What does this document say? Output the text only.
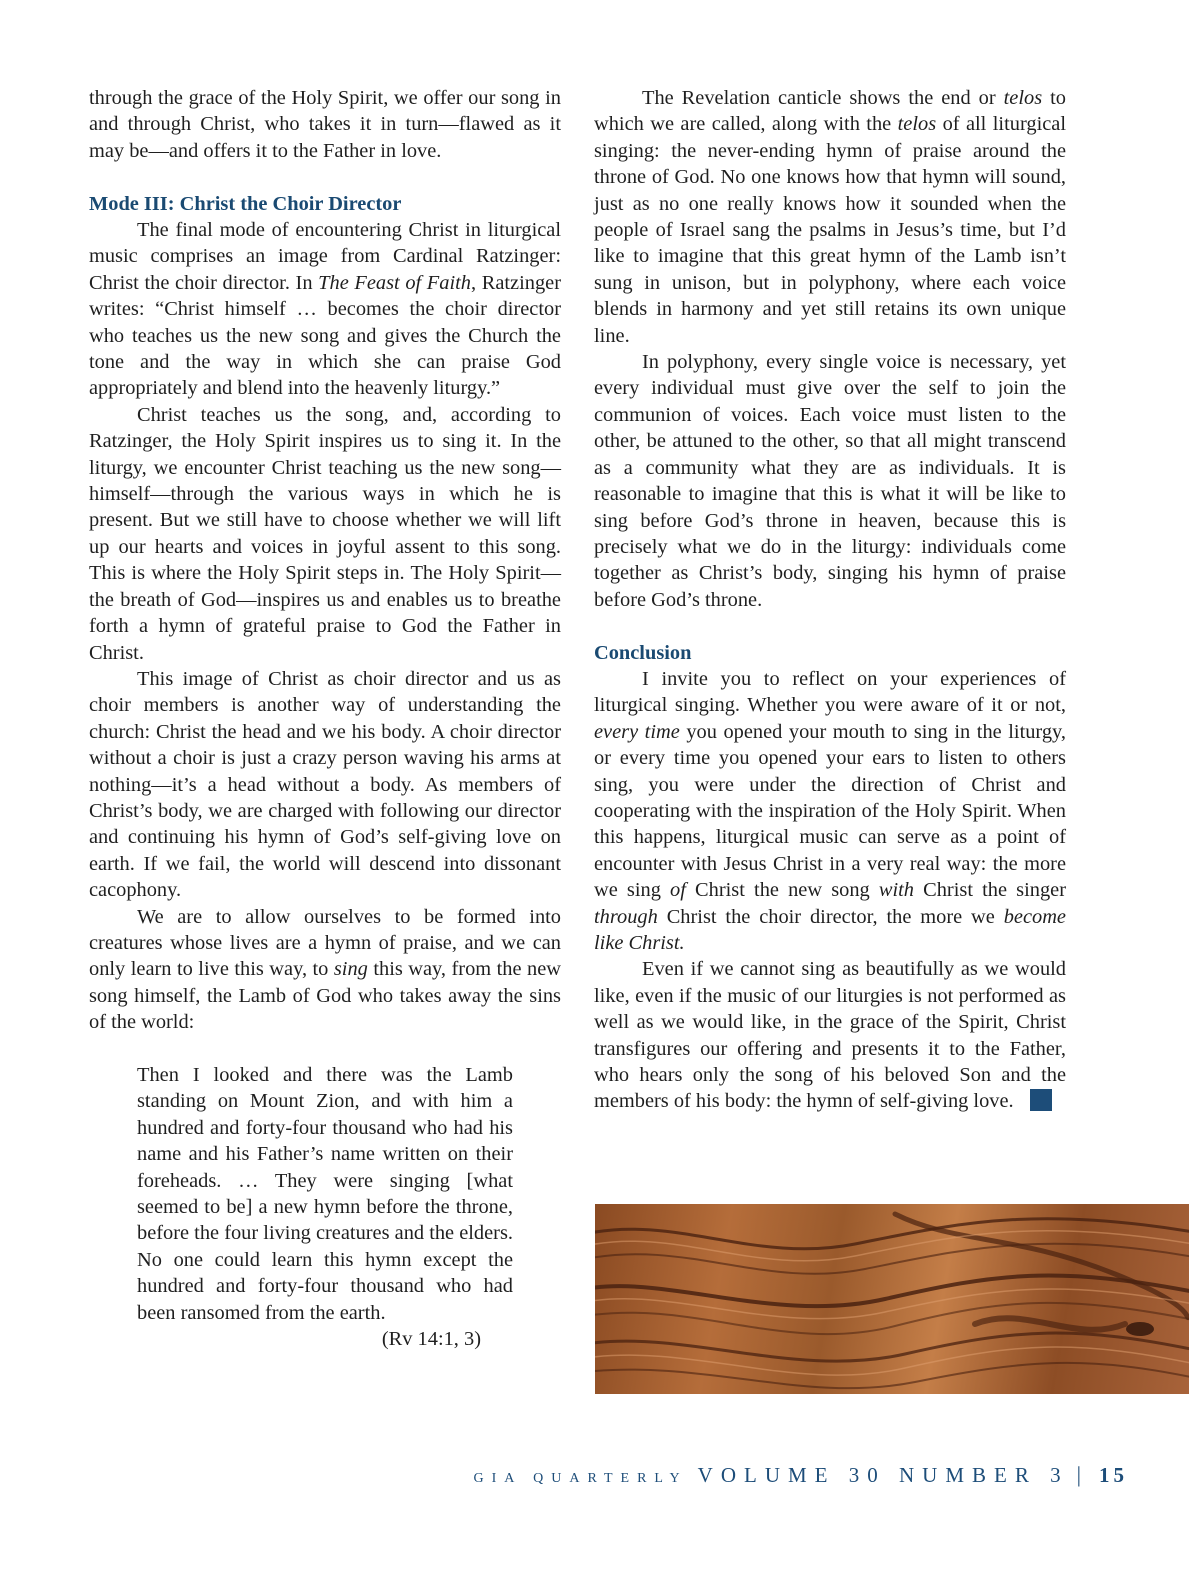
through the grace of the Holy Spirit, we offer our song in and through Christ, who takes it in turn—flawed as it may be—and offers it to the Father in love.

Mode III: Christ the Choir Director

The final mode of encountering Christ in liturgical music comprises an image from Cardinal Ratzinger: Christ the choir director. In The Feast of Faith, Ratzinger writes: “Christ himself … becomes the choir director who teaches us the new song and gives the Church the tone and the way in which she can praise God appropriately and blend into the heavenly liturgy.”

Christ teaches us the song, and, according to Ratzinger, the Holy Spirit inspires us to sing it. In the liturgy, we encounter Christ teaching us the new song—himself—through the various ways in which he is present. But we still have to choose whether we will lift up our hearts and voices in joyful assent to this song. This is where the Holy Spirit steps in. The Holy Spirit—the breath of God—inspires us and enables us to breathe forth a hymn of grateful praise to God the Father in Christ.

This image of Christ as choir director and us as choir members is another way of understanding the church: Christ the head and we his body. A choir director without a choir is just a crazy person waving his arms at nothing—it’s a head without a body. As members of Christ’s body, we are charged with following our director and continuing his hymn of God’s self-giving love on earth. If we fail, the world will descend into dissonant cacophony.

We are to allow ourselves to be formed into creatures whose lives are a hymn of praise, and we can only learn to live this way, to sing this way, from the new song himself, the Lamb of God who takes away the sins of the world:

Then I looked and there was the Lamb standing on Mount Zion, and with him a hundred and forty-four thousand who had his name and his Father’s name written on their foreheads. … They were singing [what seemed to be] a new hymn before the throne, before the four living creatures and the elders. No one could learn this hymn except the hundred and forty-four thousand who had been ransomed from the earth.

(Rv 14:1, 3)

The Revelation canticle shows the end or telos to which we are called, along with the telos of all liturgical singing: the never-ending hymn of praise around the throne of God. No one knows how that hymn will sound, just as no one really knows how it sounded when the people of Israel sang the psalms in Jesus’s time, but I’d like to imagine that this great hymn of the Lamb isn’t sung in unison, but in polyphony, where each voice blends in harmony and yet still retains its own unique line.

In polyphony, every single voice is necessary, yet every individual must give over the self to join the communion of voices. Each voice must listen to the other, be attuned to the other, so that all might transcend as a community what they are as individuals. It is reasonable to imagine that this is what it will be like to sing before God’s throne in heaven, because this is precisely what we do in the liturgy: individuals come together as Christ’s body, singing his hymn of praise before God’s throne.

Conclusion

I invite you to reflect on your experiences of liturgical singing. Whether you were aware of it or not, every time you opened your mouth to sing in the liturgy, or every time you opened your ears to listen to others sing, you were under the direction of Christ and cooperating with the inspiration of the Holy Spirit. When this happens, liturgical music can serve as a point of encounter with Jesus Christ in a very real way: the more we sing of Christ the new song with Christ the singer through Christ the choir director, the more we become like Christ.

Even if we cannot sing as beautifully as we would like, even if the music of our liturgies is not performed as well as we would like, in the grace of the Spirit, Christ transfigures our offering and presents it to the Father, who hears only the song of his beloved Son and the members of his body: the hymn of self-giving love.

GIA QUARTERLY VOLUME 30 NUMBER 3 | 15
